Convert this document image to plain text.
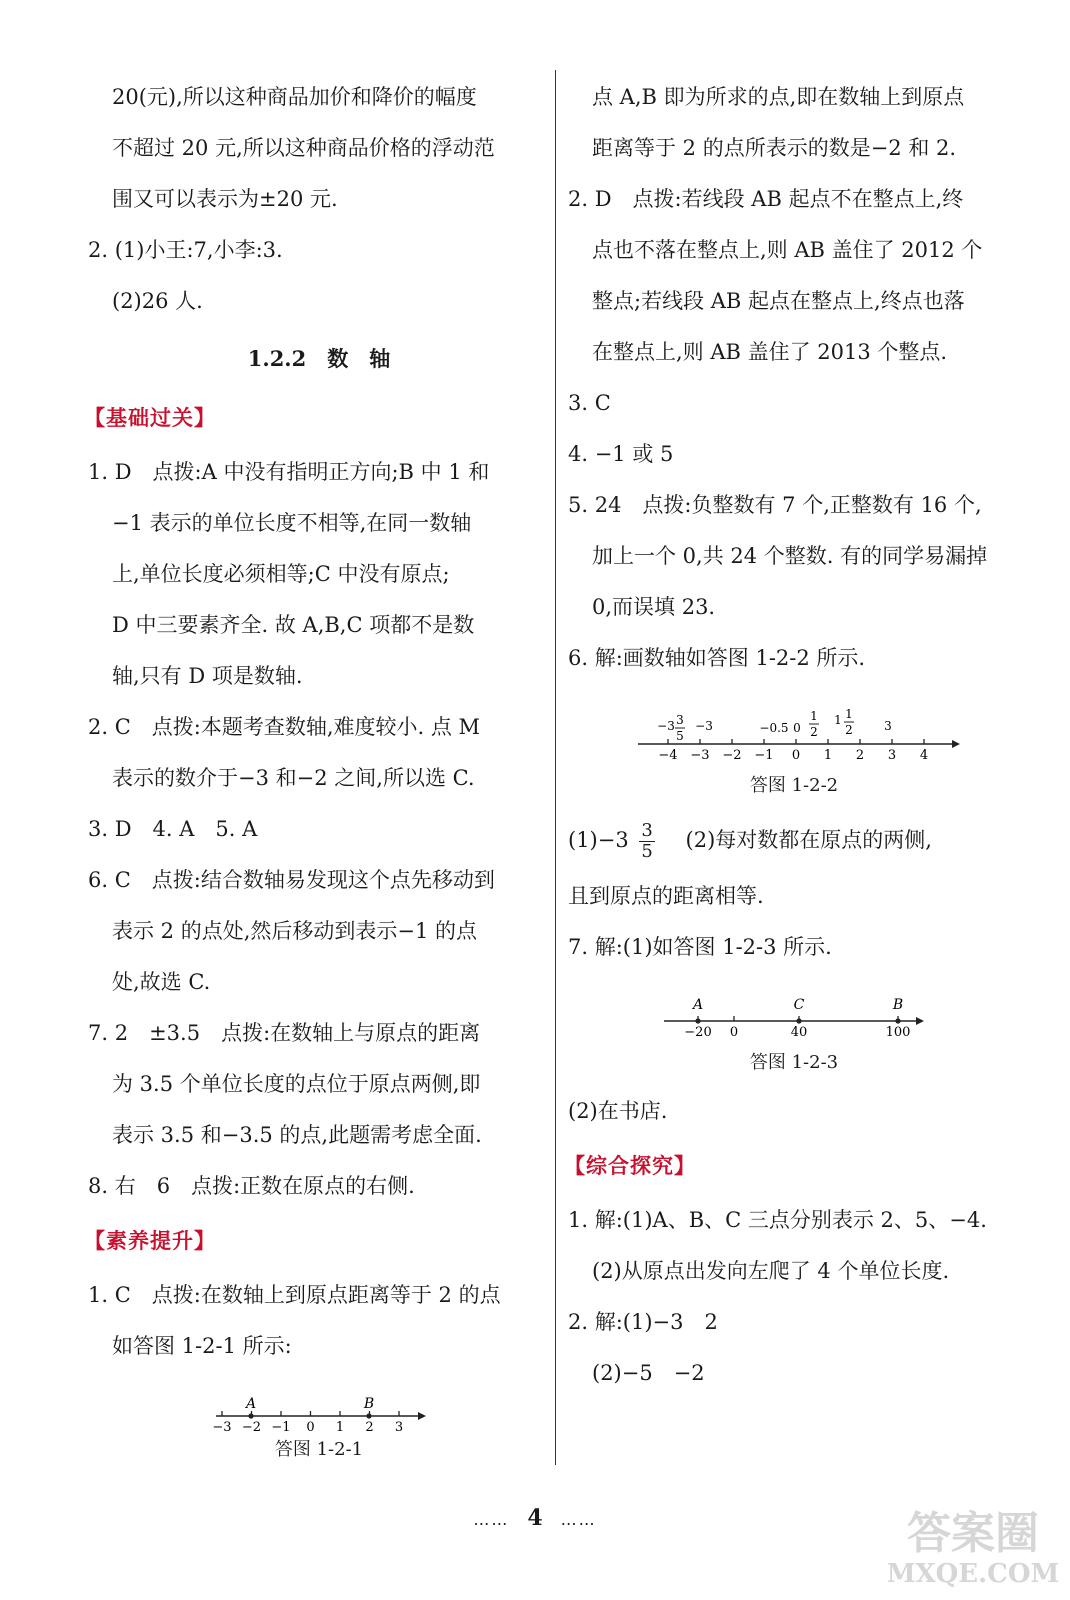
20(元),所以这种商品加价和降价的幅度
不超过 20 元,所以这种商品价格的浮动范
围又可以表示为±20 元.
2. (1)小王:7,小李:3.
(2)26 人.
1.2.2　数　轴
【基础过关】
1. D　点拨:A 中没有指明正方向;B 中 1 和
−1 表示的单位长度不相等,在同一数轴
上,单位长度必须相等;C 中没有原点;
D 中三要素齐全. 故 A,B,C 项都不是数
轴,只有 D 项是数轴.
2. C　点拨:本题考查数轴,难度较小. 点 M
表示的数介于−3 和−2 之间,所以选 C.
3. D　4. A　5. A
6. C　点拨:结合数轴易发现这个点先移动到
表示 2 的点处,然后移动到表示−1 的点
处,故选 C.
7. 2　±3.5　点拨:在数轴上与原点的距离
为 3.5 个单位长度的点位于原点两侧,即
表示 3.5 和−3.5 的点,此题需考虑全面.
8. 右　6　点拨:正数在原点的右侧.
【素养提升】
1. C　点拨:在数轴上到原点距离等于 2 的点
如答图 1-2-1 所示:
−3 −2 −1 0 1 2 3
A	B
答图 1-2-1
点 A,B 即为所求的点,即在数轴上到原点
距离等于 2 的点所表示的数是−2 和 2.
2. D　点拨:若线段 AB 起点不在整点上,终
点也不落在整点上,则 AB 盖住了 2012 个
整点;若线段 AB 起点在整点上,终点也落
在整点上,则 AB 盖住了 2013 个整点.
3. C
4. −1 或 5
5. 24　点拨:负整数有 7 个,正整数有 16 个,
加上一个 0,共 24 个整数. 有的同学易漏掉
0,而误填 23.
6. 解:画数轴如答图 1-2-2 所示.
−4 −3 −2 −1 0 1 2 3 4
−3 3
5
−3	−0.5 0
1
2
1 1
2	3
答图 1-2-2
$(1)-3 \frac{3}{5} (2)$每对数都在原点的两侧,
且到原点的距离相等.
7. 解:(1)如答图 1-2-3 所示.
−20 0	40	100
A	C	B
答图 1-2-3
(2)在书店.
【综合探究】
1. 解:(1)A、B、C 三点分别表示 2、5、−4.
(2)从原点出发向左爬了 4 个单位长度.
2. 解:(1)−3　2
(2)−5　−2
…… 4 ……	答案圈
MXQE.COM
